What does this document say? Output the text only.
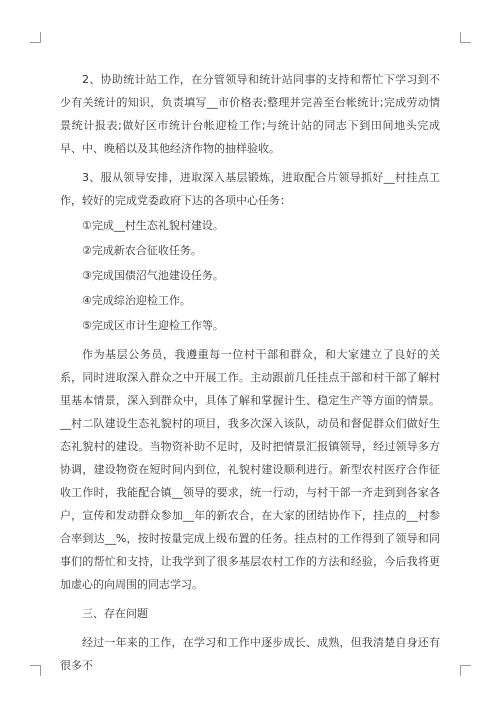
2、协助统计站工作，在分管领导和统计站同事的支持和帮忙下学习到不少有关统计的知识，负责填写__市价格表;整理并完善至台帐统计;完成劳动情景统计报表;做好区市统计台帐迎检工作;与统计站的同志下到田间地头完成早、中、晚稻以及其他经济作物的抽样验收。

3、服从领导安排，进取深入基层锻炼，进取配合片领导抓好__村挂点工作，较好的完成党委政府下达的各项中心任务：

①完成__村生态礼貌村建设。

②完成新农合征收任务。

③完成国债沼气池建设任务。

④完成综治迎检工作。

⑤完成区市计生迎检工作等。

作为基层公务员，我遵重每一位村干部和群众，和大家建立了良好的关系，同时进取深入群众之中开展工作。主动跟前几任挂点干部和村干部了解村里基本情景，深入到群众中，具体了解和掌握计生、稳定生产等方面的情景。__村二队建设生态礼貌村的项目，我多次深入该队，动员和督促群众们做好生态礼貌村的建设。当物资补助不足时，及时把情景汇报镇领导，经过领导多方协调，建设物资在短时间内到位，礼貌村建设顺利进行。新型农村医疗合作征收工作时，我能配合镇__领导的要求，统一行动，与村干部一齐走到到各家各户，宣传和发动群众参加__年的新农合，在大家的团结协作下，挂点的__村参合率到达__%，按时按量完成上级布置的任务。挂点村的工作得到了领导和同事们的帮忙和支持，让我学到了很多基层农村工作的方法和经验，今后我将更加虚心的向周围的同志学习。

三、存在问题

经过一年来的工作，在学习和工作中逐步成长、成熟，但我清楚自身还有很多不
